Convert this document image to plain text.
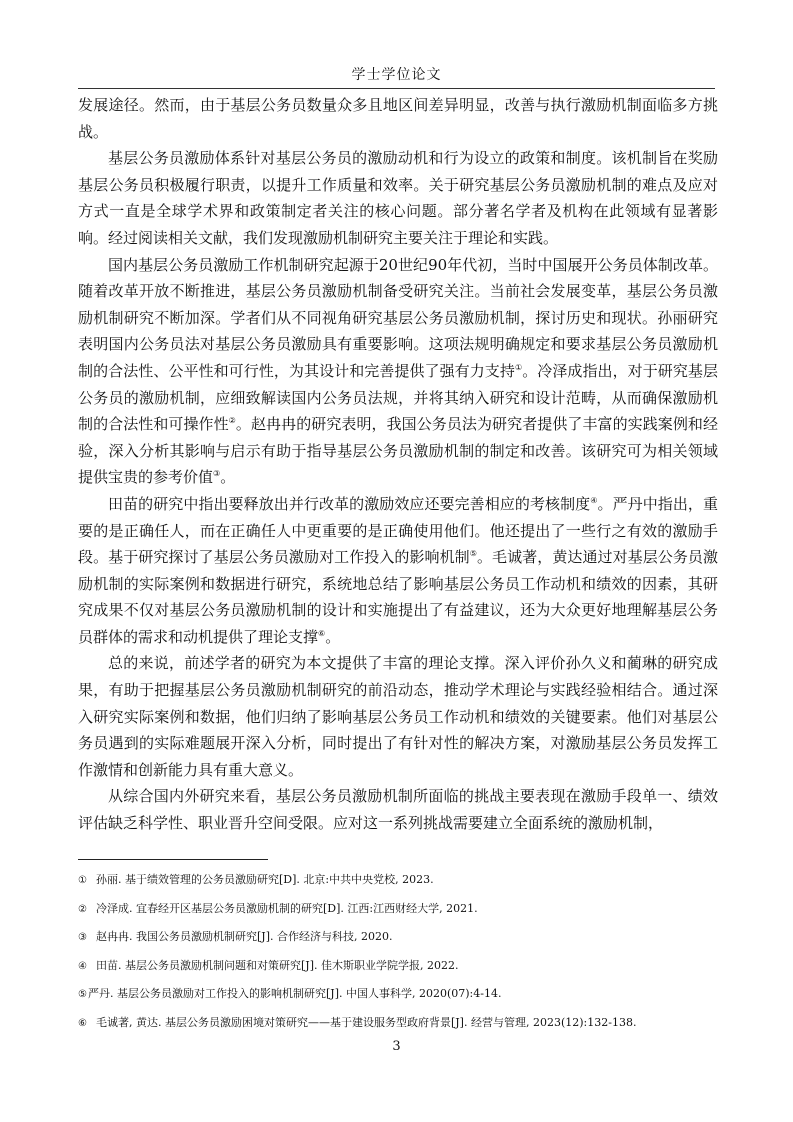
学士学位论文

发展途径。然而，由于基层公务员数量众多且地区间差异明显，改善与执行激励机制面临多方挑战。

基层公务员激励体系针对基层公务员的激励动机和行为设立的政策和制度。该机制旨在奖励基层公务员积极履行职责，以提升工作质量和效率。关于研究基层公务员激励机制的难点及应对方式一直是全球学术界和政策制定者关注的核心问题。部分著名学者及机构在此领域有显著影响。经过阅读相关文献，我们发现激励机制研究主要关注于理论和实践。

国内基层公务员激励工作机制研究起源于20世纪90年代初，当时中国展开公务员体制改革。随着改革开放不断推进，基层公务员激励机制备受研究关注。当前社会发展变革，基层公务员激励机制研究不断加深。学者们从不同视角研究基层公务员激励机制，探讨历史和现状。孙丽研究表明国内公务员法对基层公务员激励具有重要影响。这项法规明确规定和要求基层公务员激励机制的合法性、公平性和可行性，为其设计和完善提供了强有力支持①。冷泽成指出，对于研究基层公务员的激励机制，应细致解读国内公务员法规，并将其纳入研究和设计范畴，从而确保激励机制的合法性和可操作性②。赵冉冉的研究表明，我国公务员法为研究者提供了丰富的实践案例和经验，深入分析其影响与启示有助于指导基层公务员激励机制的制定和改善。该研究可为相关领域提供宝贵的参考价值③。

田苗的研究中指出要释放出并行改革的激励效应还要完善相应的考核制度④。严丹中指出，重要的是正确任人，而在正确任人中更重要的是正确使用他们。他还提出了一些行之有效的激励手段。基于研究探讨了基层公务员激励对工作投入的影响机制⑤。毛诚著，黄达通过对基层公务员激励机制的实际案例和数据进行研究，系统地总结了影响基层公务员工作动机和绩效的因素，其研究成果不仅对基层公务员激励机制的设计和实施提出了有益建议，还为大众更好地理解基层公务员群体的需求和动机提供了理论支撑⑥。

总的来说，前述学者的研究为本文提供了丰富的理论支撑。深入评价孙久义和蔺琳的研究成果，有助于把握基层公务员激励机制研究的前沿动态，推动学术理论与实践经验相结合。通过深入研究实际案例和数据，他们归纳了影响基层公务员工作动机和绩效的关键要素。他们对基层公务员遇到的实际难题展开深入分析，同时提出了有针对性的解决方案，对激励基层公务员发挥工作激情和创新能力具有重大意义。

从综合国内外研究来看，基层公务员激励机制所面临的挑战主要表现在激励手段单一、绩效评估缺乏科学性、职业晋升空间受限。应对这一系列挑战需要建立全面系统的激励机制，

① 孙丽. 基于绩效管理的公务员激励研究[D]. 北京:中共中央党校, 2023.
② 冷泽成. 宜春经开区基层公务员激励机制的研究[D]. 江西:江西财经大学, 2021.
③ 赵冉冉. 我国公务员激励机制研究[J]. 合作经济与科技, 2020.
④ 田苗. 基层公务员激励机制问题和对策研究[J]. 佳木斯职业学院学报, 2022.
⑤严丹. 基层公务员激励对工作投入的影响机制研究[J]. 中国人事科学, 2020(07):4-14.
⑥ 毛诚著, 黄达. 基层公务员激励困境对策研究——基于建设服务型政府背景[J]. 经营与管理, 2023(12):132-138.
3
